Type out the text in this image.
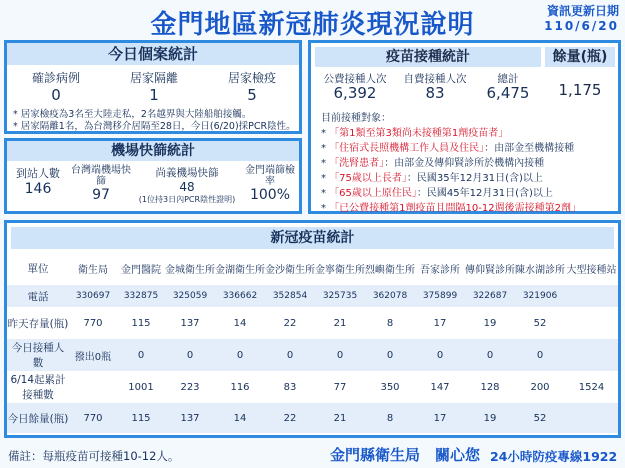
金門地區新冠肺炎現況說明	資訊更新日期
110/6/20
今日個案統計
確診病例
0
居家隔離
1
居家檢疫
5
* 居家檢疫為3名至大陸走私，2名越界與大陸船舶接觸。
* 居家隔離1名，為台灣移介居隔至28日，今日(6/20)採PCR陰性。
機場快篩統計
到站人數
146
台灣端機場快篩
97
尚義機場快篩
48
(1位持3日內PCR陰性證明)
金門端篩檢率
100%
疫苗接種統計	餘量(瓶)
公費接種人次
6,392
自費接種人次
83
總計
6,475	1,175
目前接種對象：
* 「第1類至第3類尚未接種第1劑疫苗者」
* 「住宿式長照機構工作人員及住民」：由部金至機構接種
* 「洗腎患者」：由部金及傳仰賢診所於機構內接種
* 「75歲以上長者」：民國35年12月31日(含)以上
* 「65歲以上原住民」：民國45年12月31日(含)以上
* 「已公費接種第1劑疫苗且間隔10-12週後需接種第2劑」
新冠疫苗統計
單位	衛生局	金門醫院	金城衛生所	金湖衛生所	金沙衛生所	金寧衛生所	烈嶼衛生所	吾家診所	傳仰賢診所	陳水湖診所	大型接種站
電話	330697	332875	325059	336662	352854	325735	362078	375899	322687	321906	
昨天存量(瓶)	770	115	137	14	22	21	8	17	19	52	
今日接種人數	撥出0瓶	0	0	0	0	0	0	0	0	0	
6/14起累計接種數		1001	223	116	83	77	350	147	128	200	1524
今日餘量(瓶)	770	115	137	14	22	21	8	17	19	52	
備註：每瓶疫苗可接種10-12人。	金門縣衛生局　關心您 24小時防疫專線1922
